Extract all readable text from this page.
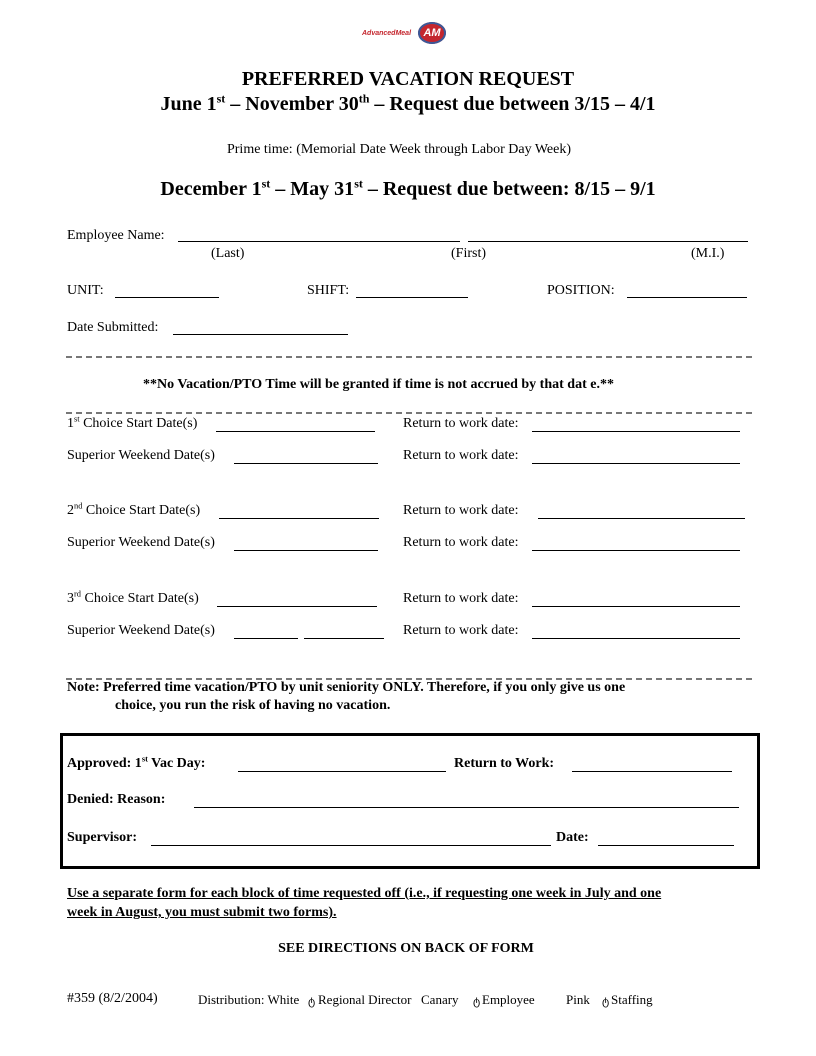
AdvancedMeal	AM
PREFERRED VACATION REQUEST
June 1st – November 30th – Request due between 3/15 – 4/1
Prime time: (Memorial Date Week through Labor Day Week)
December 1st – May 31st – Request due between: 8/15 – 9/1
Employee Name:
(Last)	(First)	(M.I.)
UNIT:	SHIFT:	POSITION:
Date Submitted:
**No Vacation/PTO Time will be granted if time is not accrued by that dat e.**
1st Choice Start Date(s)	Return to work date:
Superior Weekend Date(s)	Return to work date:
2nd Choice Start Date(s)	Return to work date:
Superior Weekend Date(s)	Return to work date:
3rd Choice Start Date(s)	Return to work date:
Superior Weekend Date(s)	Return to work date:
Note: Preferred time vacation/PTO by unit seniority ONLY. Therefore, if you only give us one
choice, you run the risk of having no vacation.
Approved: 1st Vac Day:	Return to Work:
Denied: Reason:
Supervisor:	Date:
Use a separate form for each block of time requested off (i.e., if requesting one week in July and one
week in August, you must submit two forms).
SEE DIRECTIONS ON BACK OF FORM
#359 (8/2/2004)	Distribution: White ტ Regional Director Canary ტ Employee Pink ტ Staffing
